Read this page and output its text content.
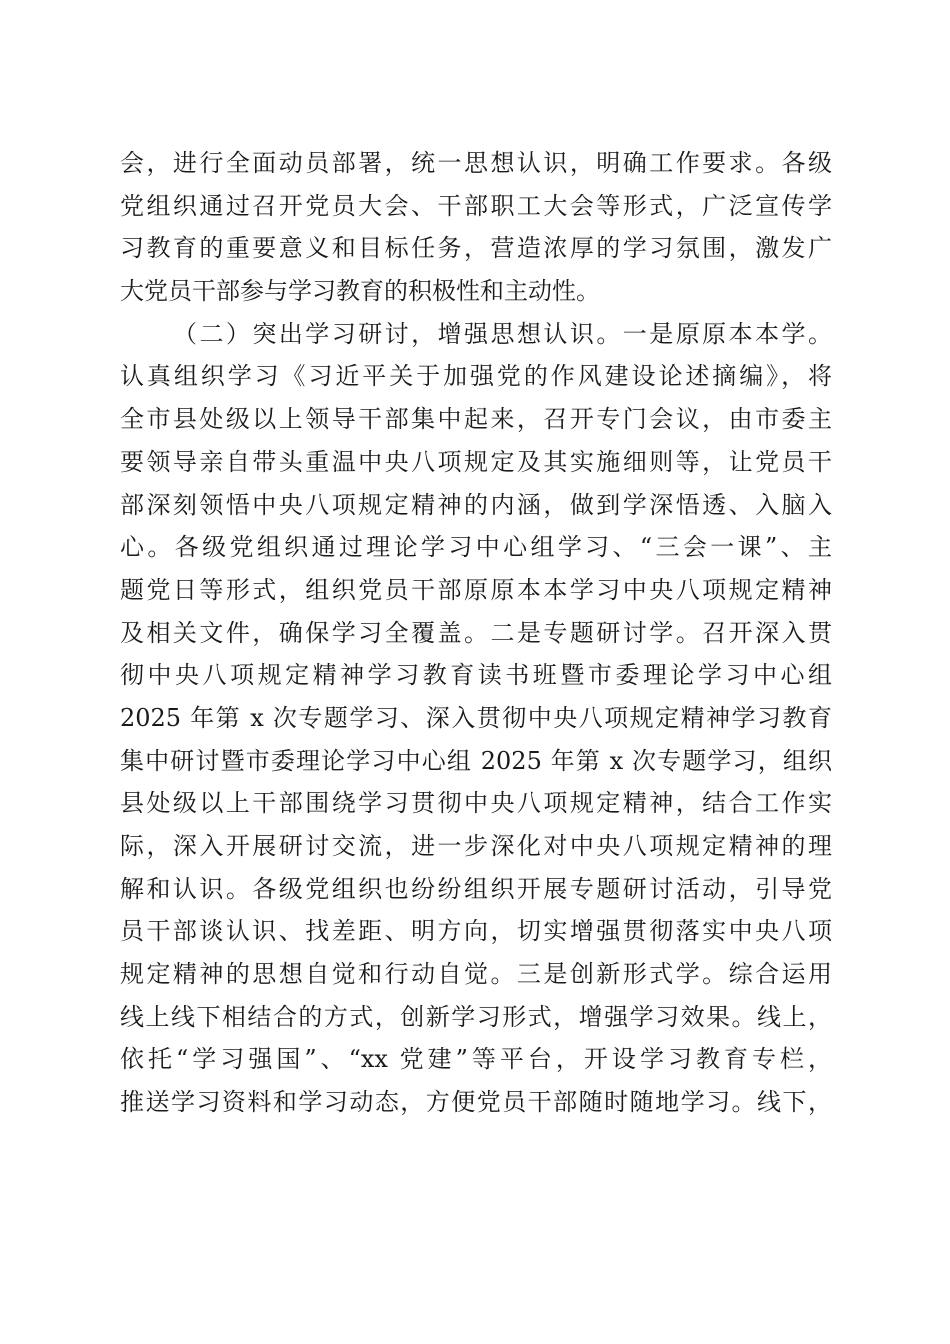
会，进行全面动员部署，统一思想认识，明确工作要求。各级
党组织通过召开党员大会、干部职工大会等形式，广泛宣传学
习教育的重要意义和目标任务，营造浓厚的学习氛围，激发广
大党员干部参与学习教育的积极性和主动性。
（二）突出学习研讨，增强思想认识。一是原原本本学。
认真组织学习《习近平关于加强党的作风建设论述摘编》，将
全市县处级以上领导干部集中起来，召开专门会议，由市委主
要领导亲自带头重温中央八项规定及其实施细则等，让党员干
部深刻领悟中央八项规定精神的内涵，做到学深悟透、入脑入
心。各级党组织通过理论学习中心组学习、“三会一课”、主
题党日等形式，组织党员干部原原本本学习中央八项规定精神
及相关文件，确保学习全覆盖。二是专题研讨学。召开深入贯
彻中央八项规定精神学习教育读书班暨市委理论学习中心组
2025 年第 x 次专题学习、深入贯彻中央八项规定精神学习教育
集中研讨暨市委理论学习中心组 2025 年第 x 次专题学习，组织
县处级以上干部围绕学习贯彻中央八项规定精神，结合工作实
际，深入开展研讨交流，进一步深化对中央八项规定精神的理
解和认识。各级党组织也纷纷组织开展专题研讨活动，引导党
员干部谈认识、找差距、明方向，切实增强贯彻落实中央八项
规定精神的思想自觉和行动自觉。三是创新形式学。综合运用
线上线下相结合的方式，创新学习形式，增强学习效果。线上，
依托“学习强国”、“xx 党建”等平台，开设学习教育专栏，
推送学习资料和学习动态，方便党员干部随时随地学习。线下，
